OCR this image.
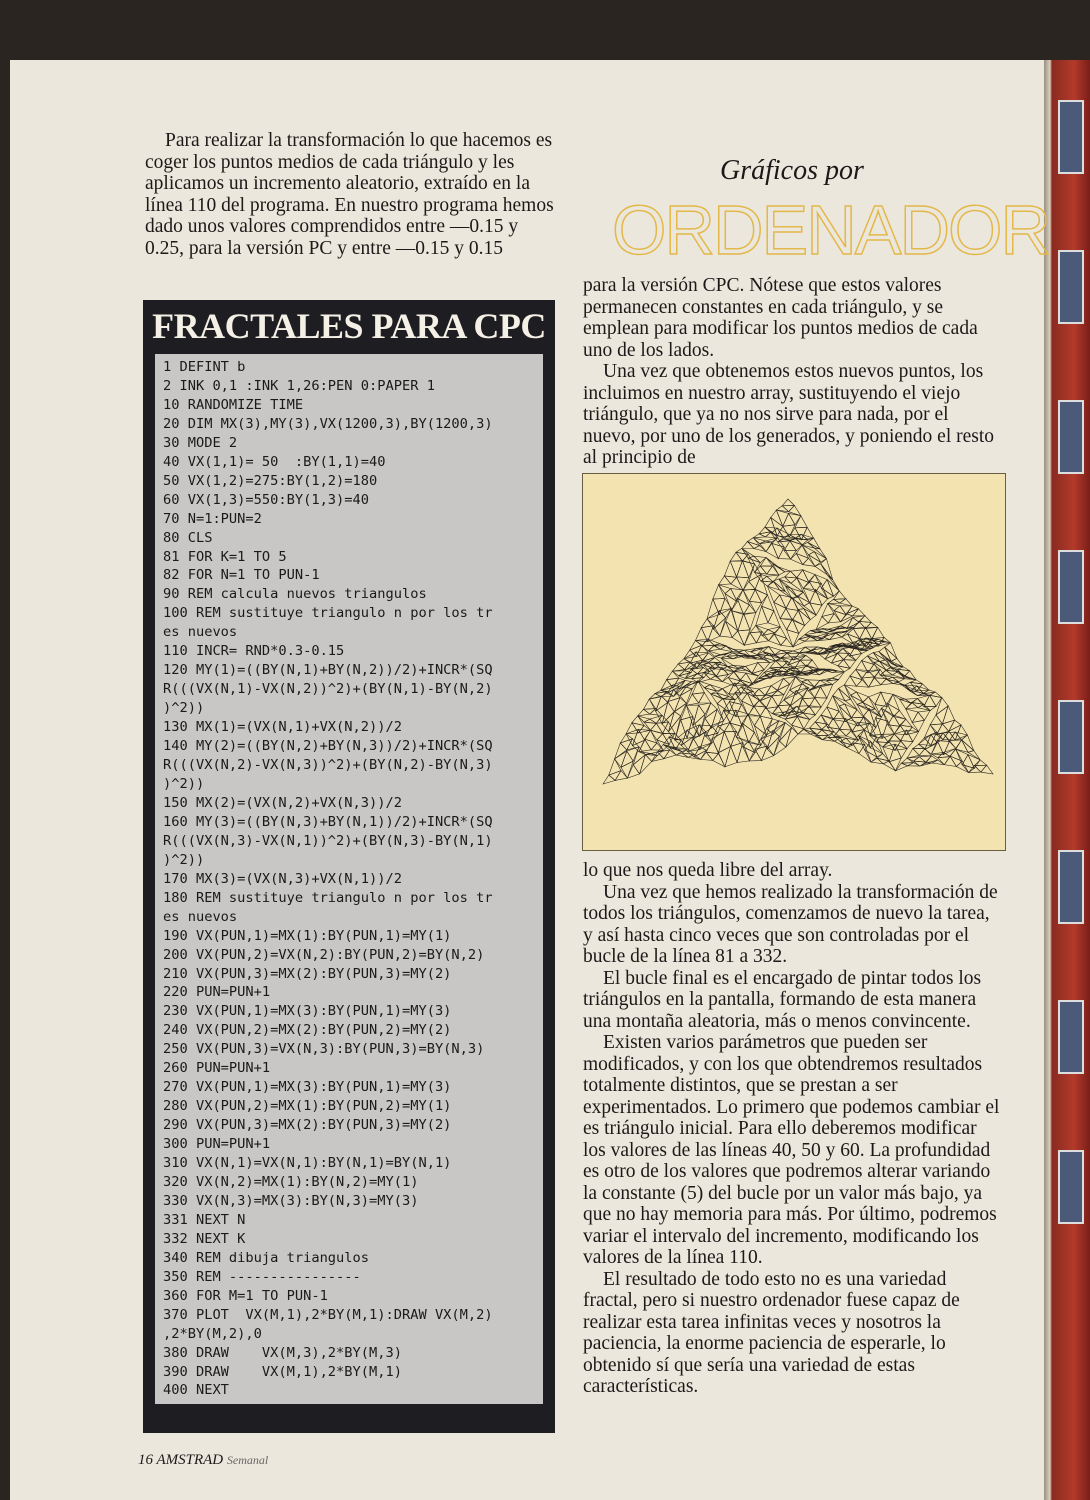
Para realizar la transformación lo que hacemos es coger los puntos medios de cada triángulo y les aplicamos un incremento aleatorio, extraído en la línea 110 del programa. En nuestro programa hemos dado unos valores comprendidos entre —0.15 y 0.25, para la versión PC y entre —0.15 y 0.15

Gráficos por
ORDENADOR
FRACTALES PARA CPC
1 DEFINT b
2 INK 0,1 :INK 1,26:PEN 0:PAPER 1
10 RANDOMIZE TIME
20 DIM MX(3),MY(3),VX(1200,3),BY(1200,3)
30 MODE 2
40 VX(1,1)= 50  :BY(1,1)=40
50 VX(1,2)=275:BY(1,2)=180
60 VX(1,3)=550:BY(1,3)=40
70 N=1:PUN=2
80 CLS
81 FOR K=1 TO 5
82 FOR N=1 TO PUN-1
90 REM calcula nuevos triangulos
100 REM sustituye triangulo n por los tr
es nuevos
110 INCR= RND*0.3-0.15
120 MY(1)=((BY(N,1)+BY(N,2))/2)+INCR*(SQ
R(((VX(N,1)-VX(N,2))^2)+(BY(N,1)-BY(N,2)
)^2))
130 MX(1)=(VX(N,1)+VX(N,2))/2
140 MY(2)=((BY(N,2)+BY(N,3))/2)+INCR*(SQ
R(((VX(N,2)-VX(N,3))^2)+(BY(N,2)-BY(N,3)
)^2))
150 MX(2)=(VX(N,2)+VX(N,3))/2
160 MY(3)=((BY(N,3)+BY(N,1))/2)+INCR*(SQ
R(((VX(N,3)-VX(N,1))^2)+(BY(N,3)-BY(N,1)
)^2))
170 MX(3)=(VX(N,3)+VX(N,1))/2
180 REM sustituye triangulo n por los tr
es nuevos
190 VX(PUN,1)=MX(1):BY(PUN,1)=MY(1)
200 VX(PUN,2)=VX(N,2):BY(PUN,2)=BY(N,2)
210 VX(PUN,3)=MX(2):BY(PUN,3)=MY(2)
220 PUN=PUN+1
230 VX(PUN,1)=MX(3):BY(PUN,1)=MY(3)
240 VX(PUN,2)=MX(2):BY(PUN,2)=MY(2)
250 VX(PUN,3)=VX(N,3):BY(PUN,3)=BY(N,3)
260 PUN=PUN+1
270 VX(PUN,1)=MX(3):BY(PUN,1)=MY(3)
280 VX(PUN,2)=MX(1):BY(PUN,2)=MY(1)
290 VX(PUN,3)=MX(2):BY(PUN,3)=MY(2)
300 PUN=PUN+1
310 VX(N,1)=VX(N,1):BY(N,1)=BY(N,1)
320 VX(N,2)=MX(1):BY(N,2)=MY(1)
330 VX(N,3)=MX(3):BY(N,3)=MY(3)
331 NEXT N
332 NEXT K
340 REM dibuja triangulos
350 REM ----------------
360 FOR M=1 TO PUN-1
370 PLOT  VX(M,1),2*BY(M,1):DRAW VX(M,2)
,2*BY(M,2),0
380 DRAW    VX(M,3),2*BY(M,3)
390 DRAW    VX(M,1),2*BY(M,1)
400 NEXT

para la versión CPC. Nótese que estos valores permanecen constantes en cada triángulo, y se emplean para modificar los puntos medios de cada uno de los lados.

Una vez que obtenemos estos nuevos puntos, los incluimos en nuestro array, sustituyendo el viejo triángulo, que ya no nos sirve para nada, por el nuevo, por uno de los generados, y poniendo el resto al principio de

lo que nos queda libre del array.

Una vez que hemos realizado la transformación de todos los triángulos, comenzamos de nuevo la tarea, y así hasta cinco veces que son controladas por el bucle de la línea 81 a 332.

El bucle final es el encargado de pintar todos los triángulos en la pantalla, formando de esta manera una montaña aleatoria, más o menos convincente.

Existen varios parámetros que pueden ser modificados, y con los que obtendremos resultados totalmente distintos, que se prestan a ser experimentados. Lo primero que podemos cambiar el es triángulo inicial. Para ello deberemos modificar los valores de las líneas 40, 50 y 60. La profundidad es otro de los valores que podremos alterar variando la constante (5) del bucle por un valor más bajo, ya que no hay memoria para más. Por último, podremos variar el intervalo del incremento, modificando los valores de la línea 110.

El resultado de todo esto no es una variedad fractal, pero si nuestro ordenador fuese capaz de realizar esta tarea infinitas veces y nosotros la paciencia, la enorme paciencia de esperarle, lo obtenido sí que sería una variedad de estas características.

16 AMSTRAD Semanal
